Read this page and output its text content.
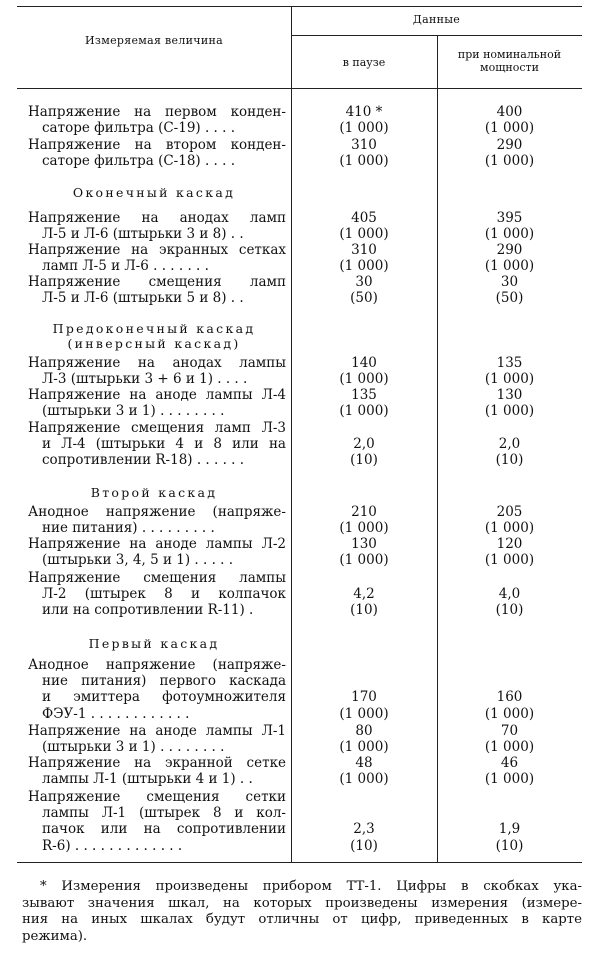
Измеряемая величина
Данные
в паузе
при номинальной
мощности
Оконечный каскад
Предоконечный каскад
(инверсный каскад)
Второй каскад
Первый каскад
Напряжение на первом конден-
саторе фильтра (С-19) . . . .
410 *
(1 000)
400
(1 000)
Напряжение на втором конден-
саторе фильтра (С-18) . . . .
310
(1 000)
290
(1 000)
Напряжение на анодах ламп
Л-5 и Л-6 (штырьки 3 и 8) . .
405
(1 000)
395
(1 000)
Напряжение на экранных сетках
ламп Л-5 и Л-6 . . . . . . .
310
(1 000)
290
(1 000)
Напряжение смещения ламп
Л-5 и Л-6 (штырьки 5 и 8) . .
30
(50)
30
(50)
Напряжение на анодах лампы
Л-3 (штырьки 3 + 6 и 1) . . . .
140
(1 000)
135
(1 000)
Напряжение на аноде лампы Л-4
(штырьки 3 и 1) . . . . . . . .
135
(1 000)
130
(1 000)
Напряжение смещения ламп Л-3
и Л-4 (штырьки 4 и 8 или на
сопротивлении R-18) . . . . . .
2,0
(10)
2,0
(10)
Анодное напряжение (напряже-
ние питания) . . . . . . . . .
210
(1 000)
205
(1 000)
Напряжение на аноде лампы Л-2
(штырьки 3, 4, 5 и 1) . . . . .
130
(1 000)
120
(1 000)
Напряжение смещения лампы
Л-2 (штырек 8 и колпачок
или на сопротивлении R-11) .
4,2
(10)
4,0
(10)
Анодное напряжение (напряже-
ние питания) первого каскада
и эмиттера фотоумножителя
ФЭУ-1 . . . . . . . . . . . .
170
(1 000)
160
(1 000)
Напряжение на аноде лампы Л-1
(штырьки 3 и 1) . . . . . . . .
80
(1 000)
70
(1 000)
Напряжение на экранной сетке
лампы Л-1 (штырьки 4 и 1) . .
48
(1 000)
46
(1 000)
Напряжение смещения сетки
лампы Л-1 (штырек 8 и кол-
пачок или на сопротивлении
R-6) . . . . . . . . . . . . .
2,3
(10)
1,9
(10)
* Измерения произведены прибором ТТ-1. Цифры в скобках ука-
зывают значения шкал, на которых произведены измерения (измере-
ния на иных шкалах будут отличны от цифр, приведенных в карте
режима).
